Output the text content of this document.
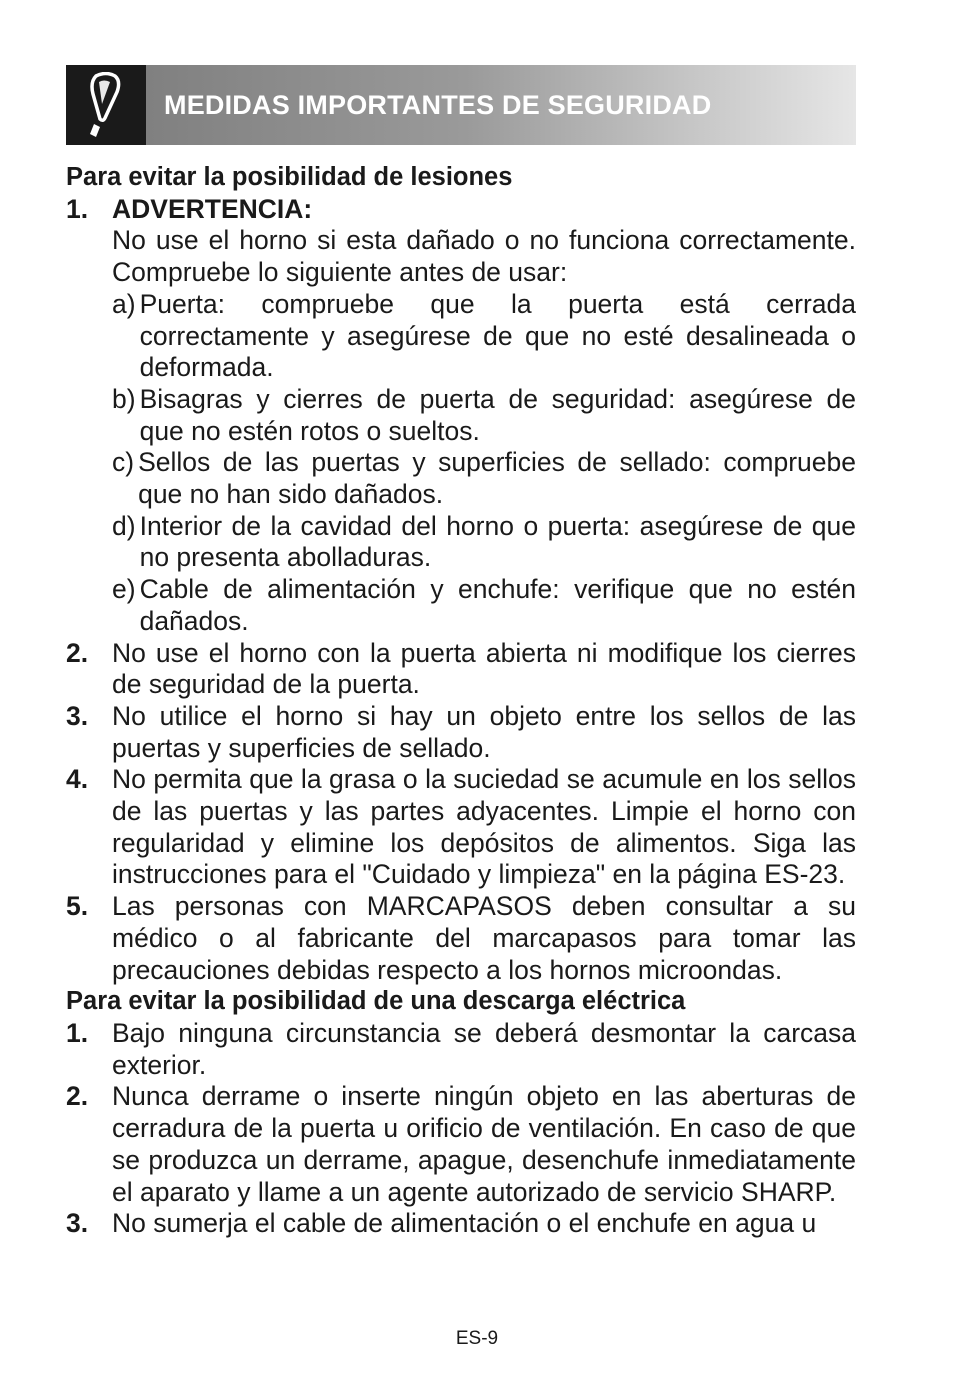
MEDIDAS IMPORTANTES DE SEGURIDAD

Para evitar la posibilidad de lesiones

1. ADVERTENCIA:
No use el horno si esta dañado o no funciona correctamente. Compruebe lo siguiente antes de usar:
a) Puerta: compruebe que la puerta está cerrada correctamente y asegúrese de que no esté desalineada o deformada.
b) Bisagras y cierres de puerta de seguridad: asegúrese de que no estén rotos o sueltos.
c) Sellos de las puertas y superficies de sellado: compruebe que no han sido dañados.
d) Interior de la cavidad del horno o puerta: asegúrese de que no presenta abolladuras.
e) Cable de alimentación y enchufe: verifique que no estén dañados.
2. No use el horno con la puerta abierta ni modifique los cierres de seguridad de la puerta.
3. No utilice el horno si hay un objeto entre los sellos de las puertas y superficies de sellado.
4. No permita que la grasa o la suciedad se acumule en los sellos de las puertas y las partes adyacentes. Limpie el horno con regularidad y elimine los depósitos de alimentos. Siga las instrucciones para el "Cuidado y limpieza" en la página ES-23.
5. Las personas con MARCAPASOS deben consultar a su médico o al fabricante del marcapasos para tomar las precauciones debidas respecto a los hornos microondas.

Para evitar la posibilidad de una descarga eléctrica

1. Bajo ninguna circunstancia se deberá desmontar la carcasa exterior.
2. Nunca derrame o inserte ningún objeto en las aberturas de cerradura de la puerta u orificio de ventilación. En caso de que se produzca un derrame, apague, desenchufe inmediatamente el aparato y llame a un agente autorizado de servicio SHARP.
3. No sumerja el cable de alimentación o el enchufe en agua u
ES-9
